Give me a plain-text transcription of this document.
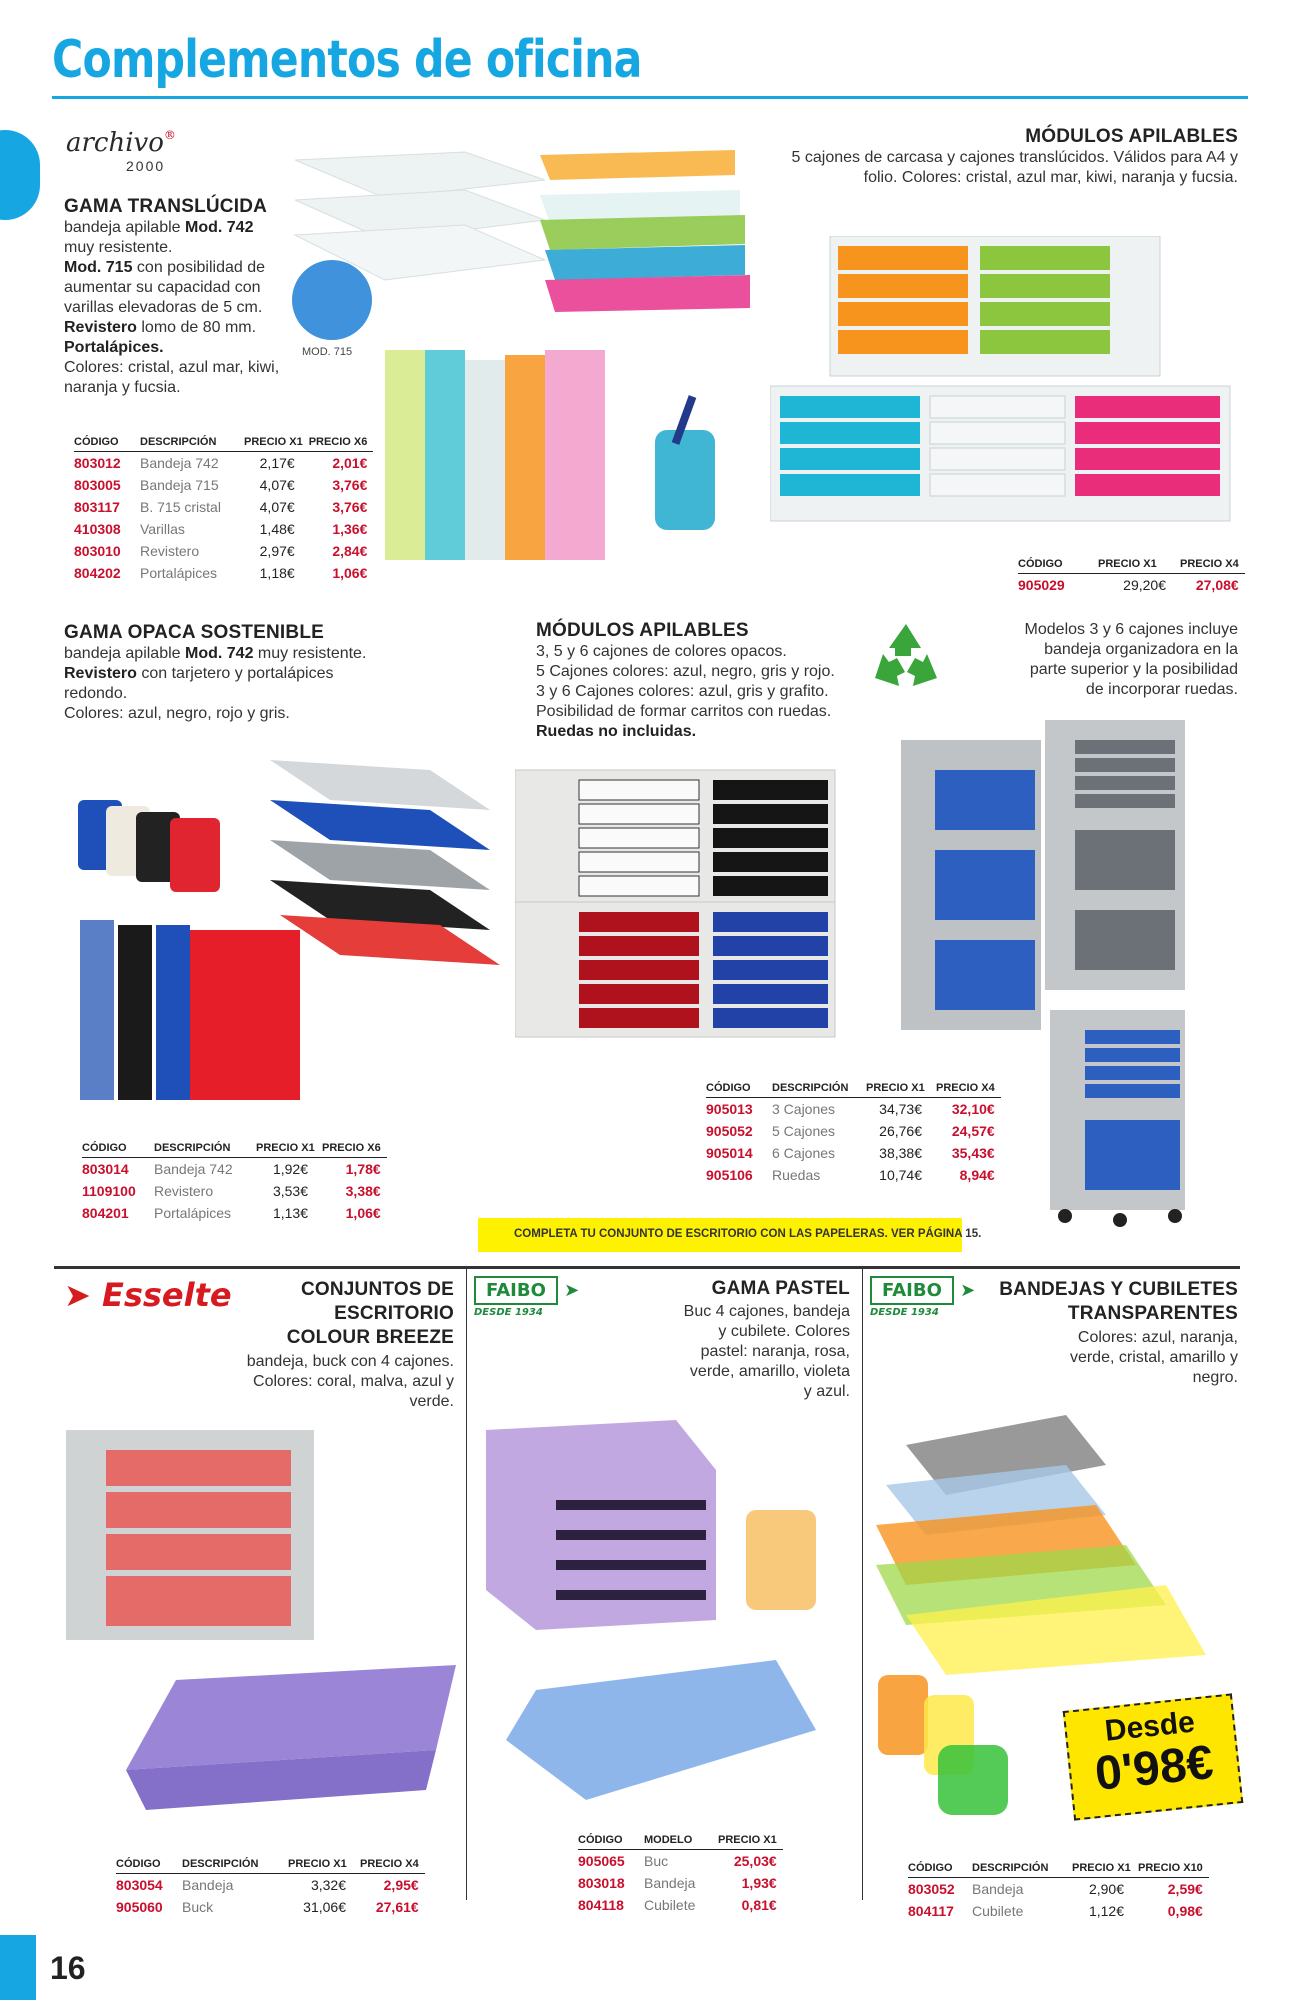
Complementos de oficina
archivo®
2000
GAMA TRANSLÚCIDA
bandeja apilable Mod. 742
muy resistente.
Mod. 715 con posibilidad de aumentar su capacidad con varillas elevadoras de 5 cm.
Revistero lomo de 80 mm.
Portalápices.
Colores: cristal, azul mar, kiwi, naranja y fucsia.
MOD. 715
CÓDIGO	DESCRIPCIÓN	PRECIO X1	PRECIO X6
803012	Bandeja 742	2,17€	2,01€
803005	Bandeja 715	4,07€	3,76€
803117	B. 715 cristal	4,07€	3,76€
410308	Varillas	1,48€	1,36€
803010	Revistero	2,97€	2,84€
804202	Portalápices	1,18€	1,06€
MÓDULOS APILABLES
5 cajones de carcasa y cajones translúcidos. Válidos para A4 y folio. Colores: cristal, azul mar, kiwi, naranja y fucsia.
CÓDIGO	PRECIO X1	PRECIO X4
905029	29,20€	27,08€
GAMA OPACA SOSTENIBLE
bandeja apilable Mod. 742 muy resistente.
Revistero con tarjetero y portalápices redondo.
Colores: azul, negro, rojo y gris.
CÓDIGO	DESCRIPCIÓN	PRECIO X1	PRECIO X6
803014	Bandeja 742	1,92€	1,78€
1109100	Revistero	3,53€	3,38€
804201	Portalápices	1,13€	1,06€
MÓDULOS APILABLES
3, 5 y 6 cajones de colores opacos.
5 Cajones colores: azul, negro, gris y rojo.
3 y 6 Cajones colores: azul, gris y grafito.
Posibilidad de formar carritos con ruedas.
Ruedas no incluidas.
Modelos 3 y 6 cajones incluye bandeja organizadora en la parte superior y la posibilidad de incorporar ruedas.
CÓDIGO	DESCRIPCIÓN	PRECIO X1	PRECIO X4
905013	3 Cajones	34,73€	32,10€
905052	5 Cajones	26,76€	24,57€
905014	6 Cajones	38,38€	35,43€
905106	Ruedas	10,74€	8,94€
COMPLETA TU CONJUNTO DE ESCRITORIO CON LAS PAPELERAS. VER PÁGINA 15.
➤ Esselte	CONJUNTOS DE
ESCRITORIO
COLOUR BREEZE
bandeja, buck con 4 cajones. Colores: coral, malva, azul y verde.
CÓDIGO	DESCRIPCIÓN	PRECIO X1	PRECIO X4
803054	Bandeja	3,32€	2,95€
905060	Buck	31,06€	27,61€
FAIBO ➤
DESDE 1934
GAMA PASTEL
Buc 4 cajones, bandeja y cubilete. Colores pastel: naranja, rosa, verde, amarillo, violeta y azul.
CÓDIGO	MODELO	PRECIO X1
905065	Buc	25,03€
803018	Bandeja	1,93€
804118	Cubilete	0,81€
FAIBO ➤
DESDE 1934
BANDEJAS Y CUBILETES
TRANSPARENTES
Colores: azul, naranja, verde, cristal, amarillo y negro.
Desde
0'98€
CÓDIGO	DESCRIPCIÓN	PRECIO X1	PRECIO X10
803052	Bandeja	2,90€	2,59€
804117	Cubilete	1,12€	0,98€
16
